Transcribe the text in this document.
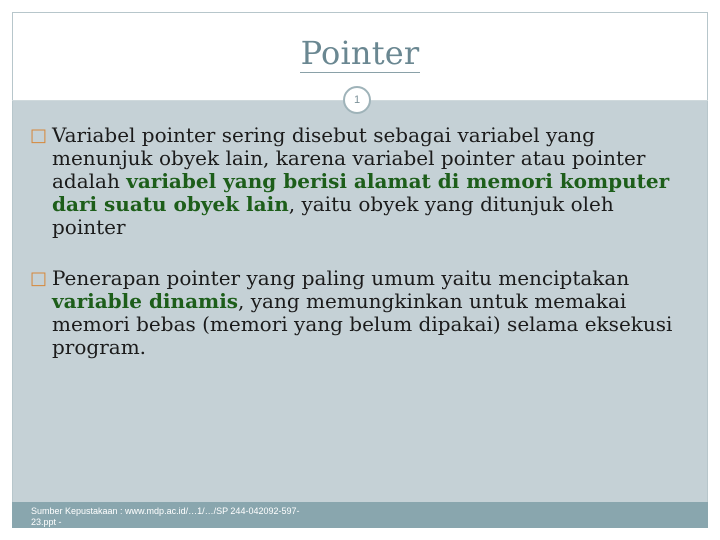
Pointer
1
□ Variabel pointer sering disebut sebagai variabel yang menunjuk obyek lain, karena variabel pointer atau pointer adalah variabel yang berisi alamat di memori komputer dari suatu obyek lain, yaitu obyek yang ditunjuk oleh pointer
□ Penerapan pointer yang paling umum yaitu menciptakan variable dinamis, yang memungkinkan untuk memakai memori bebas (memori yang belum dipakai) selama eksekusi program.
Sumber Kepustakaan : www.mdp.ac.id/…1/…/SP 244-042092-597-23.ppt -
